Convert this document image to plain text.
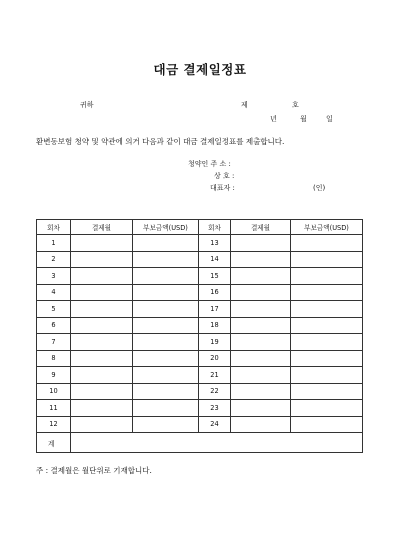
대금 결제일정표
귀하	제	호
년	월	일
환변동보험 청약 및 약관에 의거 다음과 같이 대금 결제일정표를 제출합니다.
청약인 주 소 :
상 호 :
대표자 :	(인)
회차	결제월	부보금액(USD)	회차	결제월	부보금액(USD)
1			13		
2			14		
3			15		
4			16		
5			17		
6			18		
7			19		
8			20		
9			21		
10			22		
11			23		
12			24		
계					
주 : 결제월은 월단위로 기재합니다.
